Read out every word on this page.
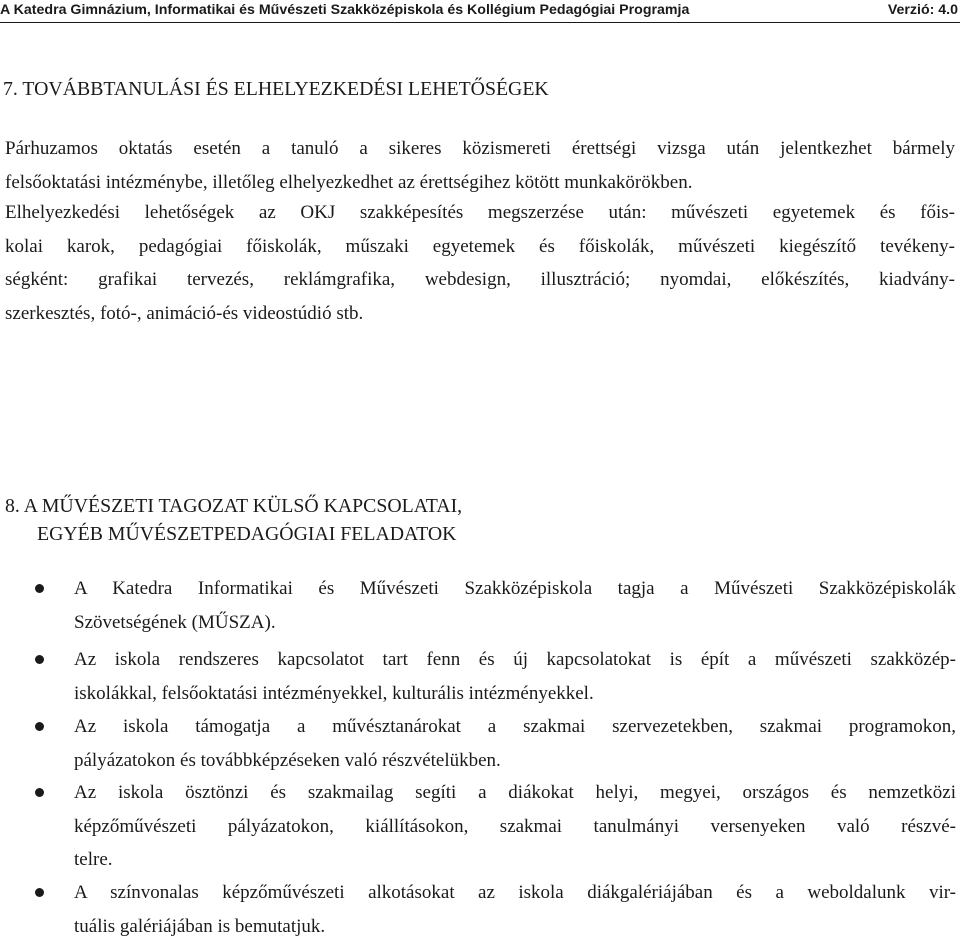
A Katedra Gimnázium, Informatikai és Művészeti Szakközépiskola és Kollégium Pedagógiai Programja	Verzió: 4.0
7. TOVÁBBTANULÁSI ÉS ELHELYEZKEDÉSI LEHETŐSÉGEK
Párhuzamos oktatás esetén a tanuló a sikeres közismereti érettségi vizsga után jelentkezhet bármely
felsőoktatási intézménybe, illetőleg elhelyezkedhet az érettségihez kötött munkakörökben.
Elhelyezkedési lehetőségek az OKJ szakképesítés megszerzése után: művészeti egyetemek és főis-
kolai karok, pedagógiai főiskolák, műszaki egyetemek és főiskolák, művészeti kiegészítő tevékeny-
ségként: grafikai tervezés, reklámgrafika, webdesign, illusztráció; nyomdai, előkészítés, kiadvány-
szerkesztés, fotó-, animáció-és videostúdió stb.
8. A MŰVÉSZETI TAGOZAT KÜLSŐ KAPCSOLATAI,
EGYÉB MŰVÉSZETPEDAGÓGIAI FELADATOK
A Katedra Informatikai és Művészeti Szakközépiskola tagja a Művészeti Szakközépiskolák
Szövetségének (MŰSZA).
Az iskola rendszeres kapcsolatot tart fenn és új kapcsolatokat is épít a művészeti szakközép-
iskolákkal, felsőoktatási intézményekkel, kulturális intézményekkel.
Az iskola támogatja a művésztanárokat a szakmai szervezetekben, szakmai programokon,
pályázatokon és továbbképzéseken való részvételükben.
Az iskola ösztönzi és szakmailag segíti a diákokat helyi, megyei, országos és nemzetközi
képzőművészeti pályázatokon, kiállításokon, szakmai tanulmányi versenyeken való részvé-
telre.
A színvonalas képzőművészeti alkotásokat az iskola diákgalériájában és a weboldalunk vir-
tuális galériájában is bemutatjuk.
